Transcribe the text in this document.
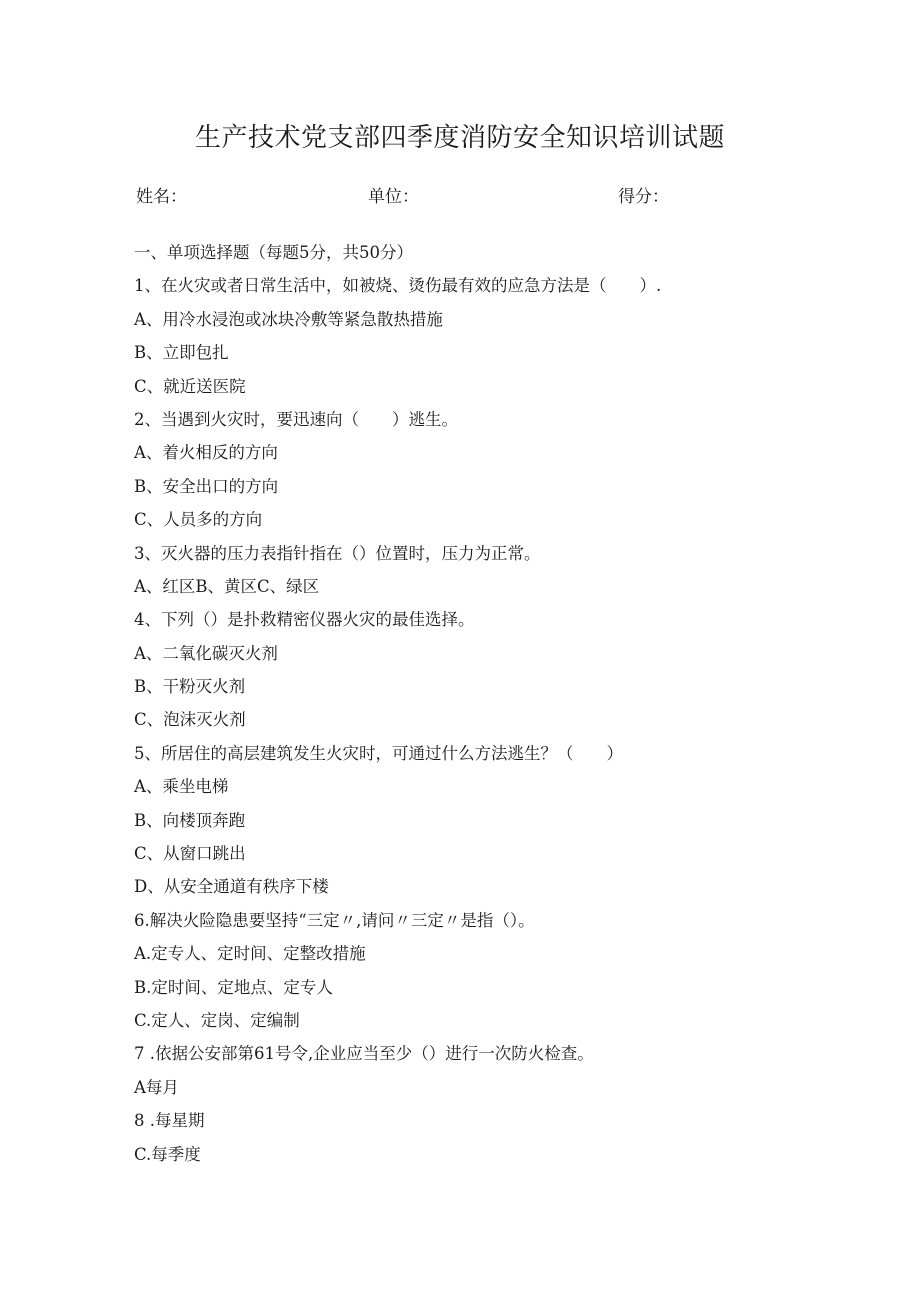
生产技术党支部四季度消防安全知识培训试题
姓名：	单位：	得分：
一、单项选择题（每题5分，共50分）
1、在火灾或者日常生活中，如被烧、烫伤最有效的应急方法是（　　）.
A、用冷水浸泡或冰块冷敷等紧急散热措施
B、立即包扎
C、就近送医院
2、当遇到火灾时，要迅速向（　　）逃生。
A、着火相反的方向
B、安全出口的方向
C、人员多的方向
3、灭火器的压力表指针指在（）位置时，压力为正常。
A、红区B、黄区C、绿区
4、下列（）是扑救精密仪器火灾的最佳选择。
A、二氧化碳灭火剂
B、干粉灭火剂
C、泡沫灭火剂
5、所居住的高层建筑发生火灾时，可通过什么方法逃生？（　　）
A、乘坐电梯
B、向楼顶奔跑
C、从窗口跳出
D、从安全通道有秩序下楼
6.解决火险隐患要坚持“三定〃,请问〃三定〃是指（）。
A.定专人、定时间、定整改措施
B.定时间、定地点、定专人
C.定人、定岗、定编制
7 .依据公安部第61号令,企业应当至少（）进行一次防火检查。
A每月
8 .每星期
C.每季度
